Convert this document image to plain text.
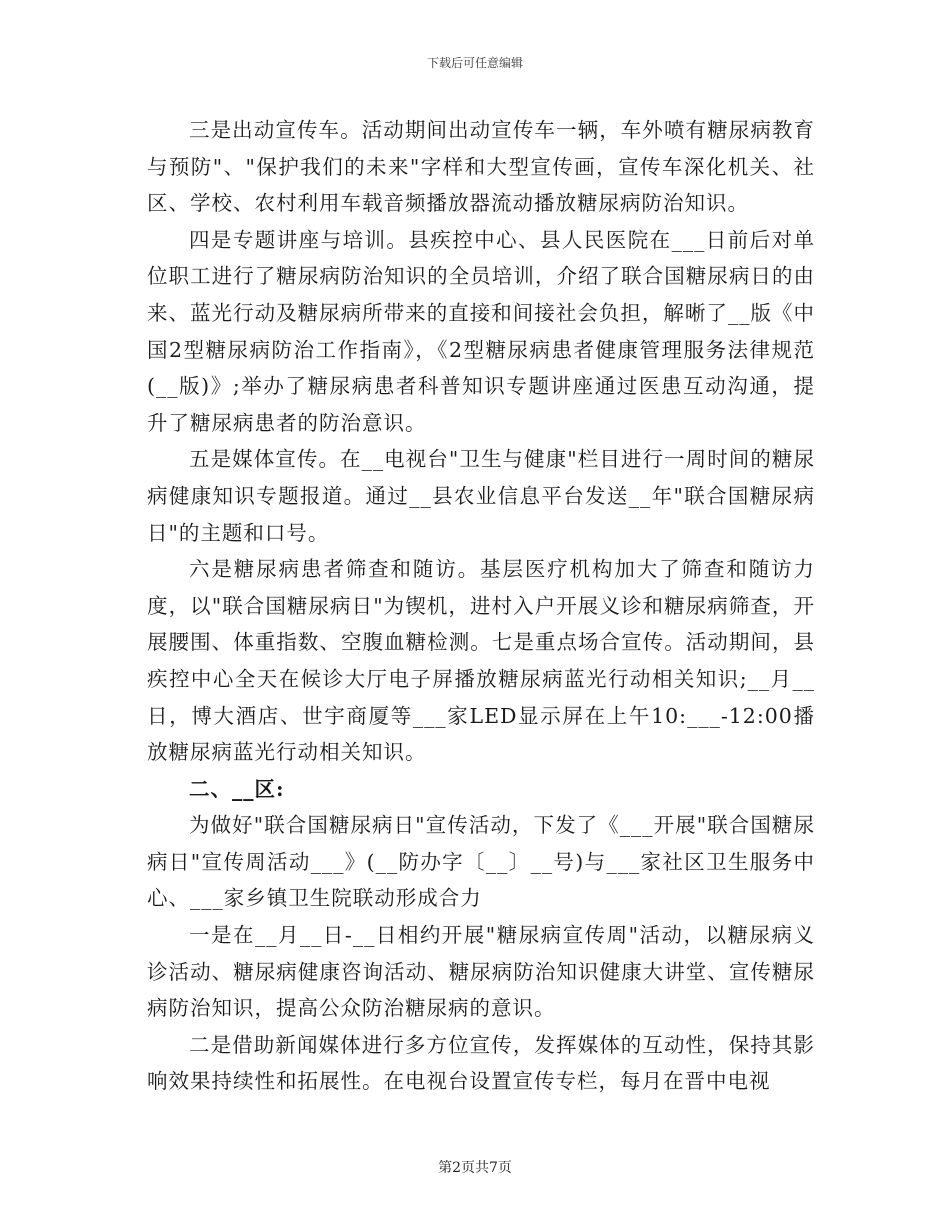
下载后可任意编辑

三是出动宣传车。活动期间出动宣传车一辆，车外喷有糖尿病教育与预防"、"保护我们的未来"字样和大型宣传画，宣传车深化机关、社区、学校、农村利用车载音频播放器流动播放糖尿病防治知识。

四是专题讲座与培训。县疾控中心、县人民医院在___日前后对单位职工进行了糖尿病防治知识的全员培训，介绍了联合国糖尿病日的由来、蓝光行动及糖尿病所带来的直接和间接社会负担，解晰了__版《中国2型糖尿病防治工作指南》，《2型糖尿病患者健康管理服务法律规范(__版)》;举办了糖尿病患者科普知识专题讲座通过医患互动沟通，提升了糖尿病患者的防治意识。

五是媒体宣传。在__电视台"卫生与健康"栏目进行一周时间的糖尿病健康知识专题报道。通过__县农业信息平台发送__年"联合国糖尿病日"的主题和口号。

六是糖尿病患者筛查和随访。基层医疗机构加大了筛查和随访力度，以"联合国糖尿病日"为锲机，进村入户开展义诊和糖尿病筛查，开展腰围、体重指数、空腹血糖检测。七是重点场合宣传。活动期间，县疾控中心全天在候诊大厅电子屏播放糖尿病蓝光行动相关知识;__月__日，博大酒店、世宇商厦等___家LED显示屏在上午10:___-12:00播放糖尿病蓝光行动相关知识。

二、__区:

为做好"联合国糖尿病日"宣传活动，下发了《___开展"联合国糖尿病日"宣传周活动___》(__防办字〔__〕__号)与___家社区卫生服务中心、___家乡镇卫生院联动形成合力

一是在__月__日-__日相约开展"糖尿病宣传周"活动，以糖尿病义诊活动、糖尿病健康咨询活动、糖尿病防治知识健康大讲堂、宣传糖尿病防治知识，提高公众防治糖尿病的意识。

二是借助新闻媒体进行多方位宣传，发挥媒体的互动性，保持其影响效果持续性和拓展性。在电视台设置宣传专栏，每月在晋中电视

第2页共7页
